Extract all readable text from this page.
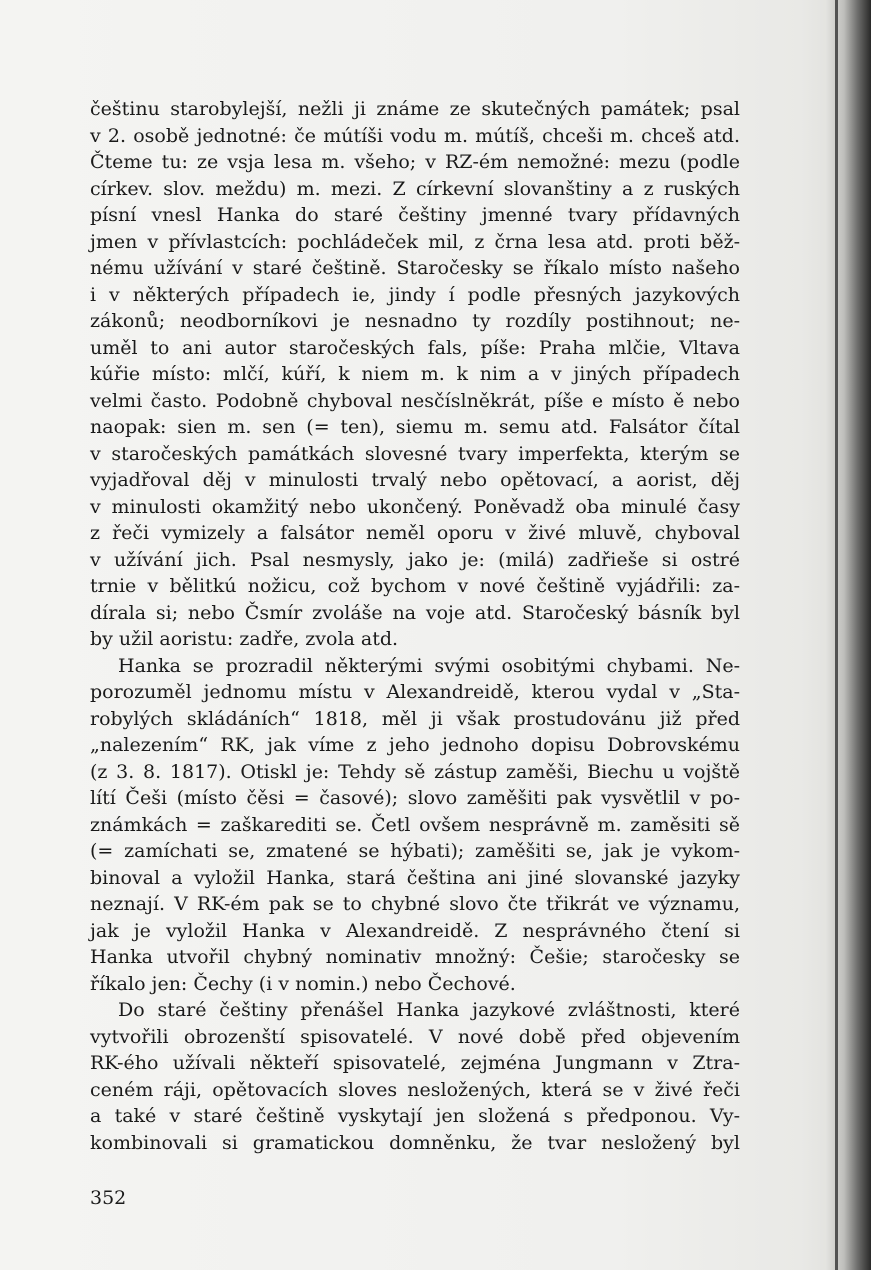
češtinu starobylejší, nežli ji známe ze skutečných památek; psal
v 2. osobě jednotné: če mútíši vodu m. mútíš, chceši m. chceš atd.
Čteme tu: ze vsja lesa m. všeho; v RZ-ém nemožné: mezu (podle
církev. slov. meždu) m. mezi. Z církevní slovanštiny a z ruských
písní vnesl Hanka do staré češtiny jmenné tvary přídavných
jmen v přívlastcích: pochládeček mil, z črna lesa atd. proti běž-
nému užívání v staré češtině. Staročesky se říkalo místo našeho
i v některých případech ie, jindy í podle přesných jazykových
zákonů; neodborníkovi je nesnadno ty rozdíly postihnout; ne-
uměl to ani autor staročeských fals, píše: Praha mlčie, Vltava
kúřie místo: mlčí, kúří, k niem m. k nim a v jiných případech
velmi často. Podobně chyboval nesčíslněkrát, píše e místo ě nebo
naopak: sien m. sen (= ten), siemu m. semu atd. Falsátor čítal
v staročeských památkách slovesné tvary imperfekta, kterým se
vyjadřoval děj v minulosti trvalý nebo opětovací, a aorist, děj
v minulosti okamžitý nebo ukončený. Poněvadž oba minulé časy
z řeči vymizely a falsátor neměl oporu v živé mluvě, chyboval
v užívání jich. Psal nesmysly, jako je: (milá) zadřieše si ostré
trnie v bělitkú nožicu, což bychom v nové češtině vyjádřili: za-
dírala si; nebo Čsmír zvoláše na voje atd. Staročeský básník byl
by užil aoristu: zadře, zvola atd.
Hanka se prozradil některými svými osobitými chybami. Ne-
porozuměl jednomu místu v Alexandreidě, kterou vydal v „Sta-
robylých skládáních“ 1818, měl ji však prostudovánu již před
„nalezením“ RK, jak víme z jeho jednoho dopisu Dobrovskému
(z 3. 8. 1817). Otiskl je: Tehdy sě zástup zaměši, Biechu u vojště
lítí Češi (místo čěsi = časové); slovo zaměšiti pak vysvětlil v po-
známkách = zaškarediti se. Četl ovšem nesprávně m. zaměsiti sě
(= zamíchati se, zmatené se hýbati); zaměšiti se, jak je vykom-
binoval a vyložil Hanka, stará čeština ani jiné slovanské jazyky
neznají. V RK-ém pak se to chybné slovo čte třikrát ve významu,
jak je vyložil Hanka v Alexandreidě. Z nesprávného čtení si
Hanka utvořil chybný nominativ množný: Češie; staročesky se
říkalo jen: Čechy (i v nomin.) nebo Čechové.
Do staré češtiny přenášel Hanka jazykové zvláštnosti, které
vytvořili obrozenští spisovatelé. V nové době před objevením
RK-ého užívali někteří spisovatelé, zejména Jungmann v Ztra-
ceném ráji, opětovacích sloves nesložených, která se v živé řeči
a také v staré češtině vyskytají jen složená s předponou. Vy-
kombinovali si gramatickou domněnku, že tvar nesložený byl
352
